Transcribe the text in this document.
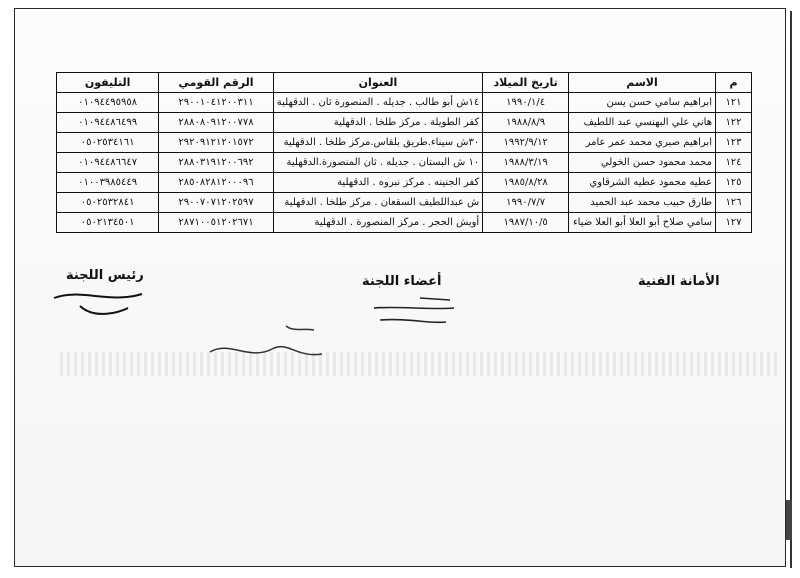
م	الاسم	تاريخ الميلاد	العنوان	الرقم القومي	التليفون
١٢١	ابراهيم سامي حسن يسن	١٩٩٠/١/٤	١٤ش أبو طالب . جديله . المنصورة ثان . الدقهلية	٢٩٠٠١٠٤١٢٠٠٣١١	٠١٠٩٤٤٩٥٩٥٨
١٢٢	هاني علي البهنسي عبد اللطيف	١٩٨٨/٨/٩	كفر الطويلة . مركز طلخا . الدقهلية	٢٨٨٠٨٠٩١٢٠٠٧٧٨	٠١٠٩٤٤٨٦٤٩٩
١٢٣	ابراهيم صبري محمد عمر عامر	١٩٩٢/٩/١٢	٣٠ش سيناء.طريق بلقاس.مركز طلخا . الدقهلية	٢٩٢٠٩١٢١٢٠١٥٧٢	٠٥٠٢٥٣٤١٦١
١٢٤	محمد محمود حسن الخولي	١٩٨٨/٣/١٩	١٠ ش البستان . جديله . ثان المنصورة.الدقهلية	٢٨٨٠٣١٩١٢٠٠٦٩٢	٠١٠٩٤٤٨٦٦٤٧
١٢٥	عطيه محمود عطيه الشرقاوي	١٩٨٥/٨/٢٨	كفر الجنينه . مركز نبروه . الدقهلية	٢٨٥٠٨٢٨١٢٠٠٠٩٦	٠١٠٠٣٩٨٥٤٤٩
١٢٦	طارق حبيب محمد عبد الحميد	١٩٩٠/٧/٧	ش عبداللطيف السقعان . مركز طلخا . الدقهلية	٢٩٠٠٧٠٧١٢٠٢٥٩٧	٠٥٠٢٥٣٢٨٤١
١٢٧	سامي صلاح أبو العلا أبو العلا ضياء	١٩٨٧/١٠/٥	أويش الحجر . مركز المنصورة . الدقهلية	٢٨٧١٠٠٥١٢٠٢٦٧١	٠٥٠٢١٣٤٥٠١
الأمانة الفنية
أعضاء اللجنة
رئيس اللجنة
